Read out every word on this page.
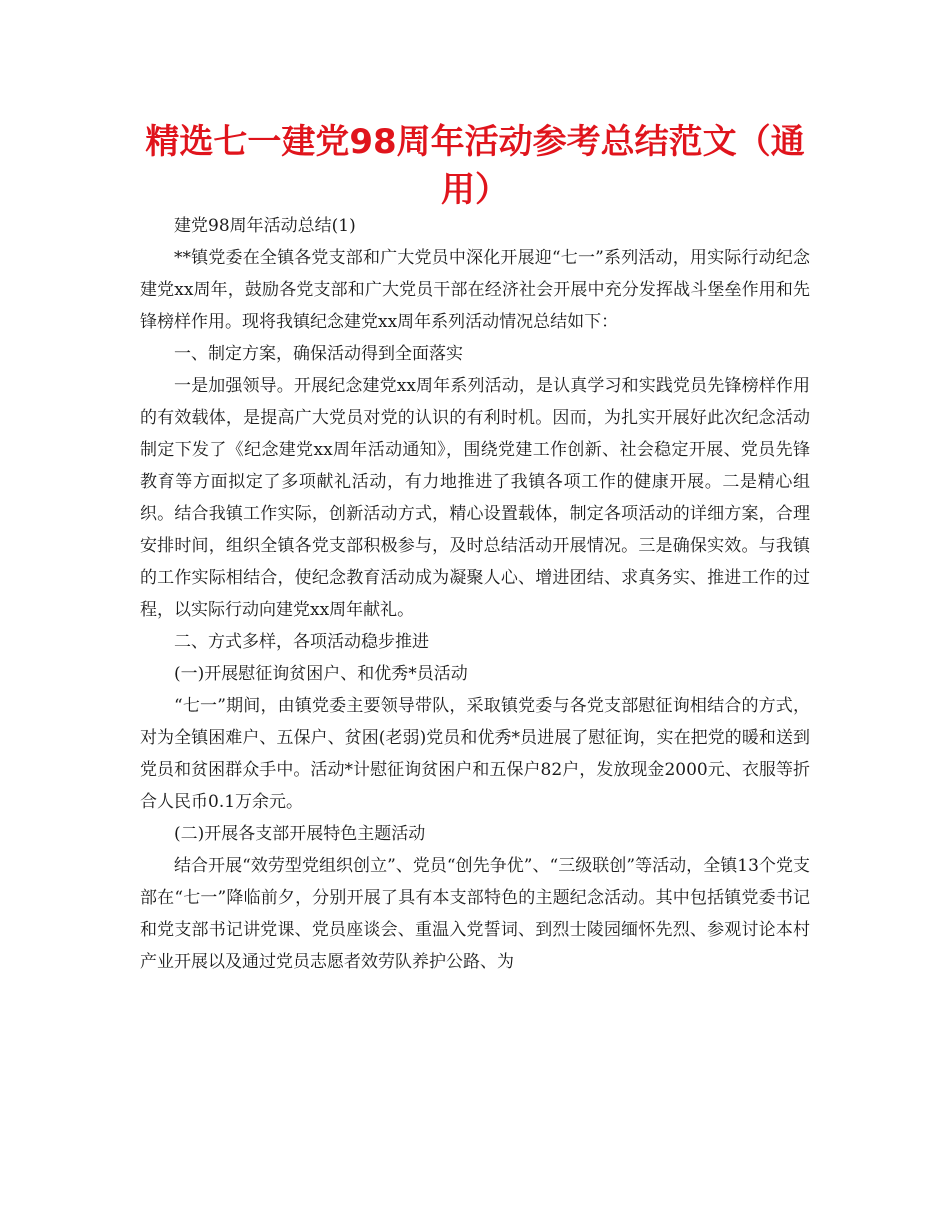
精选七一建党98周年活动参考总结范文（通用）

建党98周年活动总结(1)

**镇党委在全镇各党支部和广大党员中深化开展迎“七一”系列活动，用实际行动纪念建党xx周年，鼓励各党支部和广大党员干部在经济社会开展中充分发挥战斗堡垒作用和先锋榜样作用。现将我镇纪念建党xx周年系列活动情况总结如下：

一、制定方案，确保活动得到全面落实

一是加强领导。开展纪念建党xx周年系列活动，是认真学习和实践党员先锋榜样作用的有效载体，是提高广大党员对党的认识的有利时机。因而，为扎实开展好此次纪念活动制定下发了《纪念建党xx周年活动通知》，围绕党建工作创新、社会稳定开展、党员先锋教育等方面拟定了多项献礼活动，有力地推进了我镇各项工作的健康开展。二是精心组织。结合我镇工作实际，创新活动方式，精心设置载体，制定各项活动的详细方案，合理安排时间，组织全镇各党支部积极参与，及时总结活动开展情况。三是确保实效。与我镇的工作实际相结合，使纪念教育活动成为凝聚人心、增进团结、求真务实、推进工作的过程，以实际行动向建党xx周年献礼。

二、方式多样，各项活动稳步推进

(一)开展慰征询贫困户、和优秀*员活动

“七一”期间，由镇党委主要领导带队，采取镇党委与各党支部慰征询相结合的方式，对为全镇困难户、五保户、贫困(老弱)党员和优秀*员进展了慰征询，实在把党的暖和送到党员和贫困群众手中。活动*计慰征询贫困户和五保户82户，发放现金2000元、衣服等折合人民币0.1万余元。

(二)开展各支部开展特色主题活动

结合开展“效劳型党组织创立”、党员“创先争优”、“三级联创”等活动，全镇13个党支部在“七一”降临前夕，分别开展了具有本支部特色的主题纪念活动。其中包括镇党委书记和党支部书记讲党课、党员座谈会、重温入党誓词、到烈士陵园缅怀先烈、参观讨论本村产业开展以及通过党员志愿者效劳队养护公路、为
